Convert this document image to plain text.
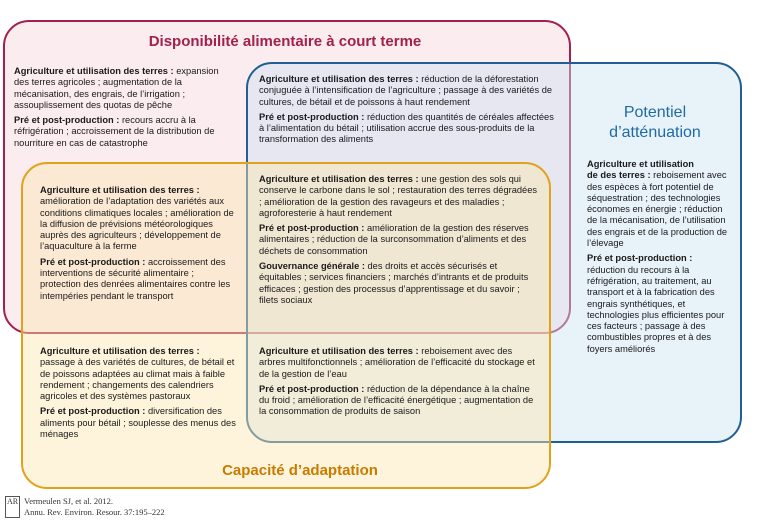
Disponibilité alimentaire à court terme
Potentiel
d’atténuation
Capacité d’adaptation

Agriculture et utilisation des terres : expansion des terres agricoles ; augmentation de la mécanisation, des engrais, de l’irrigation ; assouplissement des quotas de pêche

Pré et post-production : recours accru à la réfrigération ; accroissement de la distribution de nourriture en cas de catastrophe

Agriculture et utilisation des terres : réduction de la déforestation conjuguée à l’intensification de l’agriculture ; passage à des variétés de cultures, de bétail et de poissons à haut rendement

Pré et post-production : réduction des quantités de céréales affectées à l’alimentation du bétail ; utilisation accrue des sous-produits de la transformation des aliments

Agriculture et utilisation
de des terres : reboisement avec des espèces à fort potentiel de séquestration ; des technologies économes en énergie ; réduction de la mécanisation, de l’utilisation des engrais et de la production de l’élevage

Pré et post-production : réduction du recours à la réfrigération, au traitement, au transport et à la fabrication des engrais synthétiques, et technologies plus efficientes pour ces facteurs ; passage à des combustibles propres et à des foyers améliorés

Agriculture et utilisation des terres : amélioration de l’adaptation des variétés aux conditions climatiques locales ; amélioration de la diffusion de prévisions météorologiques auprès des agriculteurs ; développement de l’aquaculture à la ferme

Pré et post-production : accroissement des interventions de sécurité alimentaire ; protection des denrées alimentaires contre les intempéries pendant le transport

Agriculture et utilisation des terres : une gestion des sols qui conserve le carbone dans le sol ; restauration des terres dégradées ; amélioration de la gestion des ravageurs et des maladies ; agroforesterie à haut rendement

Pré et post-production : amélioration de la gestion des réserves alimentaires ; réduction de la surconsommation d’aliments et des déchets de consommation

Gouvernance générale : des droits et accès sécurisés et équitables ; services financiers ; marchés d’intrants et de produits efficaces ; gestion des processus d’apprentissage et du savoir ; filets sociaux

Agriculture et utilisation des terres : passage à des variétés de cultures, de bétail et de poissons adaptées au climat mais à faible rendement ; changements des calendriers agricoles et des systèmes pastoraux

Pré et post-production : diversification des aliments pour bétail ; souplesse des menus des ménages

Agriculture et utilisation des terres : reboisement avec des arbres multifonctionnels ; amélioration de l’efficacité du stockage et de la gestion de l’eau

Pré et post-production : réduction de la dépendance à la chaîne du froid ; amélioration de l’efficacité énergétique ; augmentation de la consommation de produits de saison

AR Vermeulen SJ, et al. 2012.
Annu. Rev. Environ. Resour. 37:195–222
